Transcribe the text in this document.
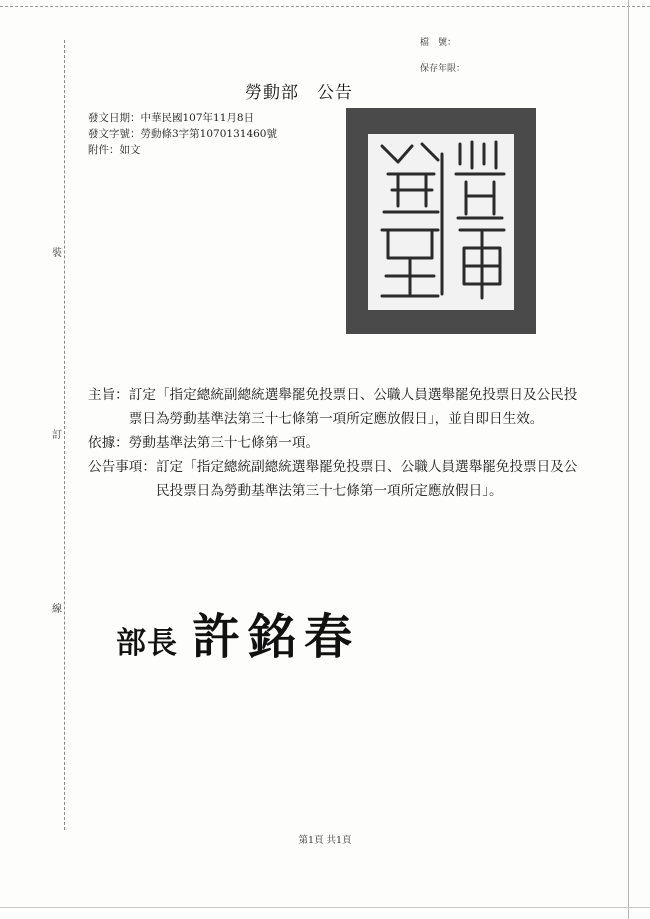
裝
訂
線
檔　號：
保存年限：
勞動部　 公告
發文日期：中華民國107年11月8日
發文字號：勞動條3字第1070131460號
附件：如文
主旨： 訂定「指定總統副總統選舉罷免投票日、公職人員選舉罷免投票日及公民投票日為勞動基準法第三十七條第一項所定應放假日」，並自即日生效。
依據： 勞動基準法第三十七條第一項。
公告事項： 訂定「指定總統副總統選舉罷免投票日、公職人員選舉罷免投票日及公民投票日為勞動基準法第三十七條第一項所定應放假日」。
部長 許銘春
第1頁 共1頁
